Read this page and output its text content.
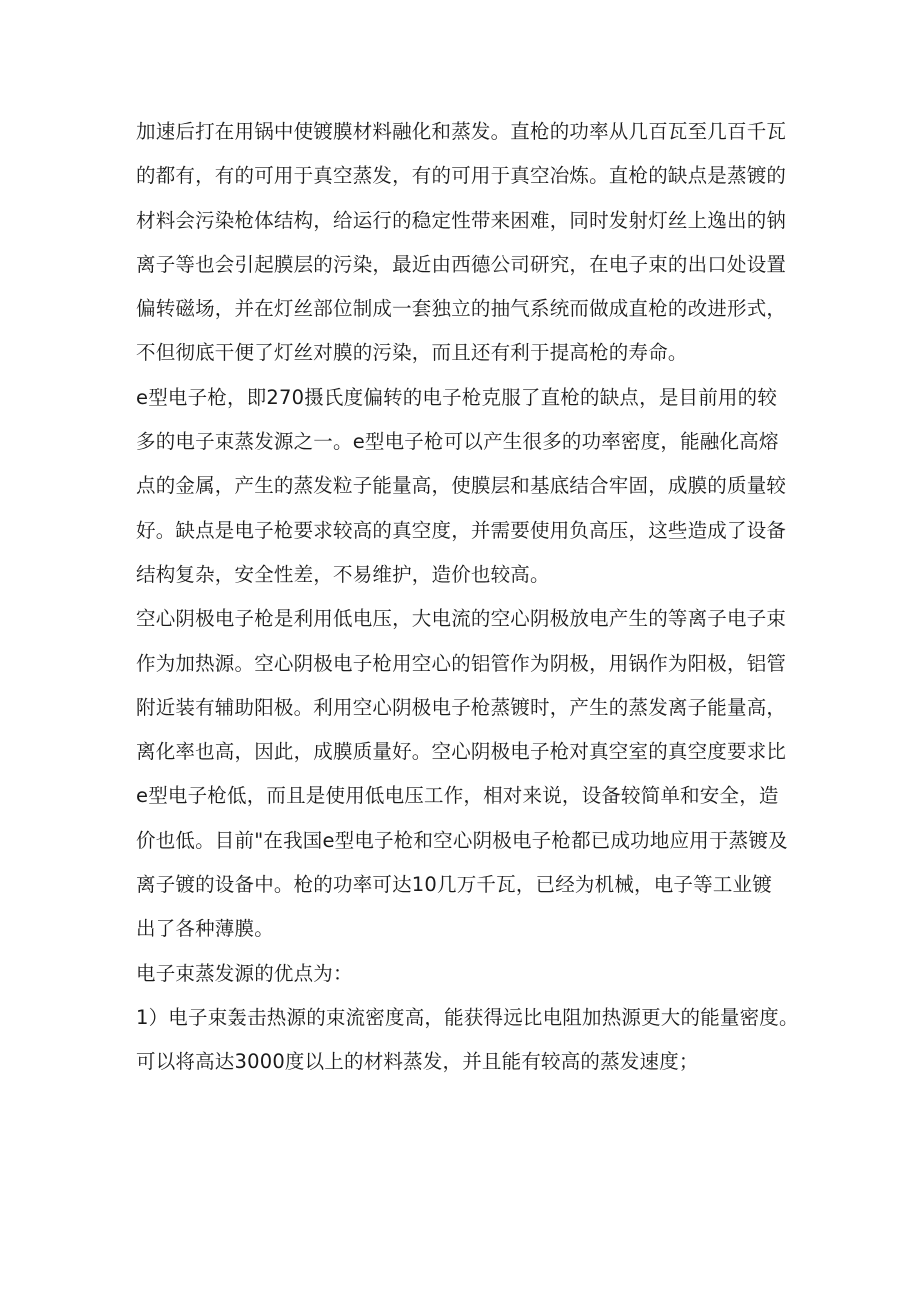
加速后打在用锅中使镀膜材料融化和蒸发。直枪的功率从几百瓦至几百千瓦
的都有，有的可用于真空蒸发，有的可用于真空冶炼。直枪的缺点是蒸镀的
材料会污染枪体结构，给运行的稳定性带来困难，同时发射灯丝上逸出的钠
离子等也会引起膜层的污染，最近由西德公司研究，在电子束的出口处设置
偏转磁场，并在灯丝部位制成一套独立的抽气系统而做成直枪的改进形式，
不但彻底干便了灯丝对膜的污染，而且还有利于提高枪的寿命。
e型电子枪，即270摄氏度偏转的电子枪克服了直枪的缺点，是目前用的较
多的电子束蒸发源之一。e型电子枪可以产生很多的功率密度，能融化高熔
点的金属，产生的蒸发粒子能量高，使膜层和基底结合牢固，成膜的质量较
好。缺点是电子枪要求较高的真空度，并需要使用负高压，这些造成了设备
结构复杂，安全性差，不易维护，造价也较高。
空心阴极电子枪是利用低电压，大电流的空心阴极放电产生的等离子电子束
作为加热源。空心阴极电子枪用空心的铝管作为阴极，用锅作为阳极，铝管
附近装有辅助阳极。利用空心阴极电子枪蒸镀时，产生的蒸发离子能量高，
离化率也高，因此，成膜质量好。空心阴极电子枪对真空室的真空度要求比
e型电子枪低，而且是使用低电压工作，相对来说，设备较简单和安全，造
价也低。目前"在我国e型电子枪和空心阴极电子枪都已成功地应用于蒸镀及
离子镀的设备中。枪的功率可达10几万千瓦，已经为机械，电子等工业镀
出了各种薄膜。
电子束蒸发源的优点为：
1）电子束轰击热源的束流密度高，能获得远比电阻加热源更大的能量密度。
可以将高达3000度以上的材料蒸发，并且能有较高的蒸发速度；
